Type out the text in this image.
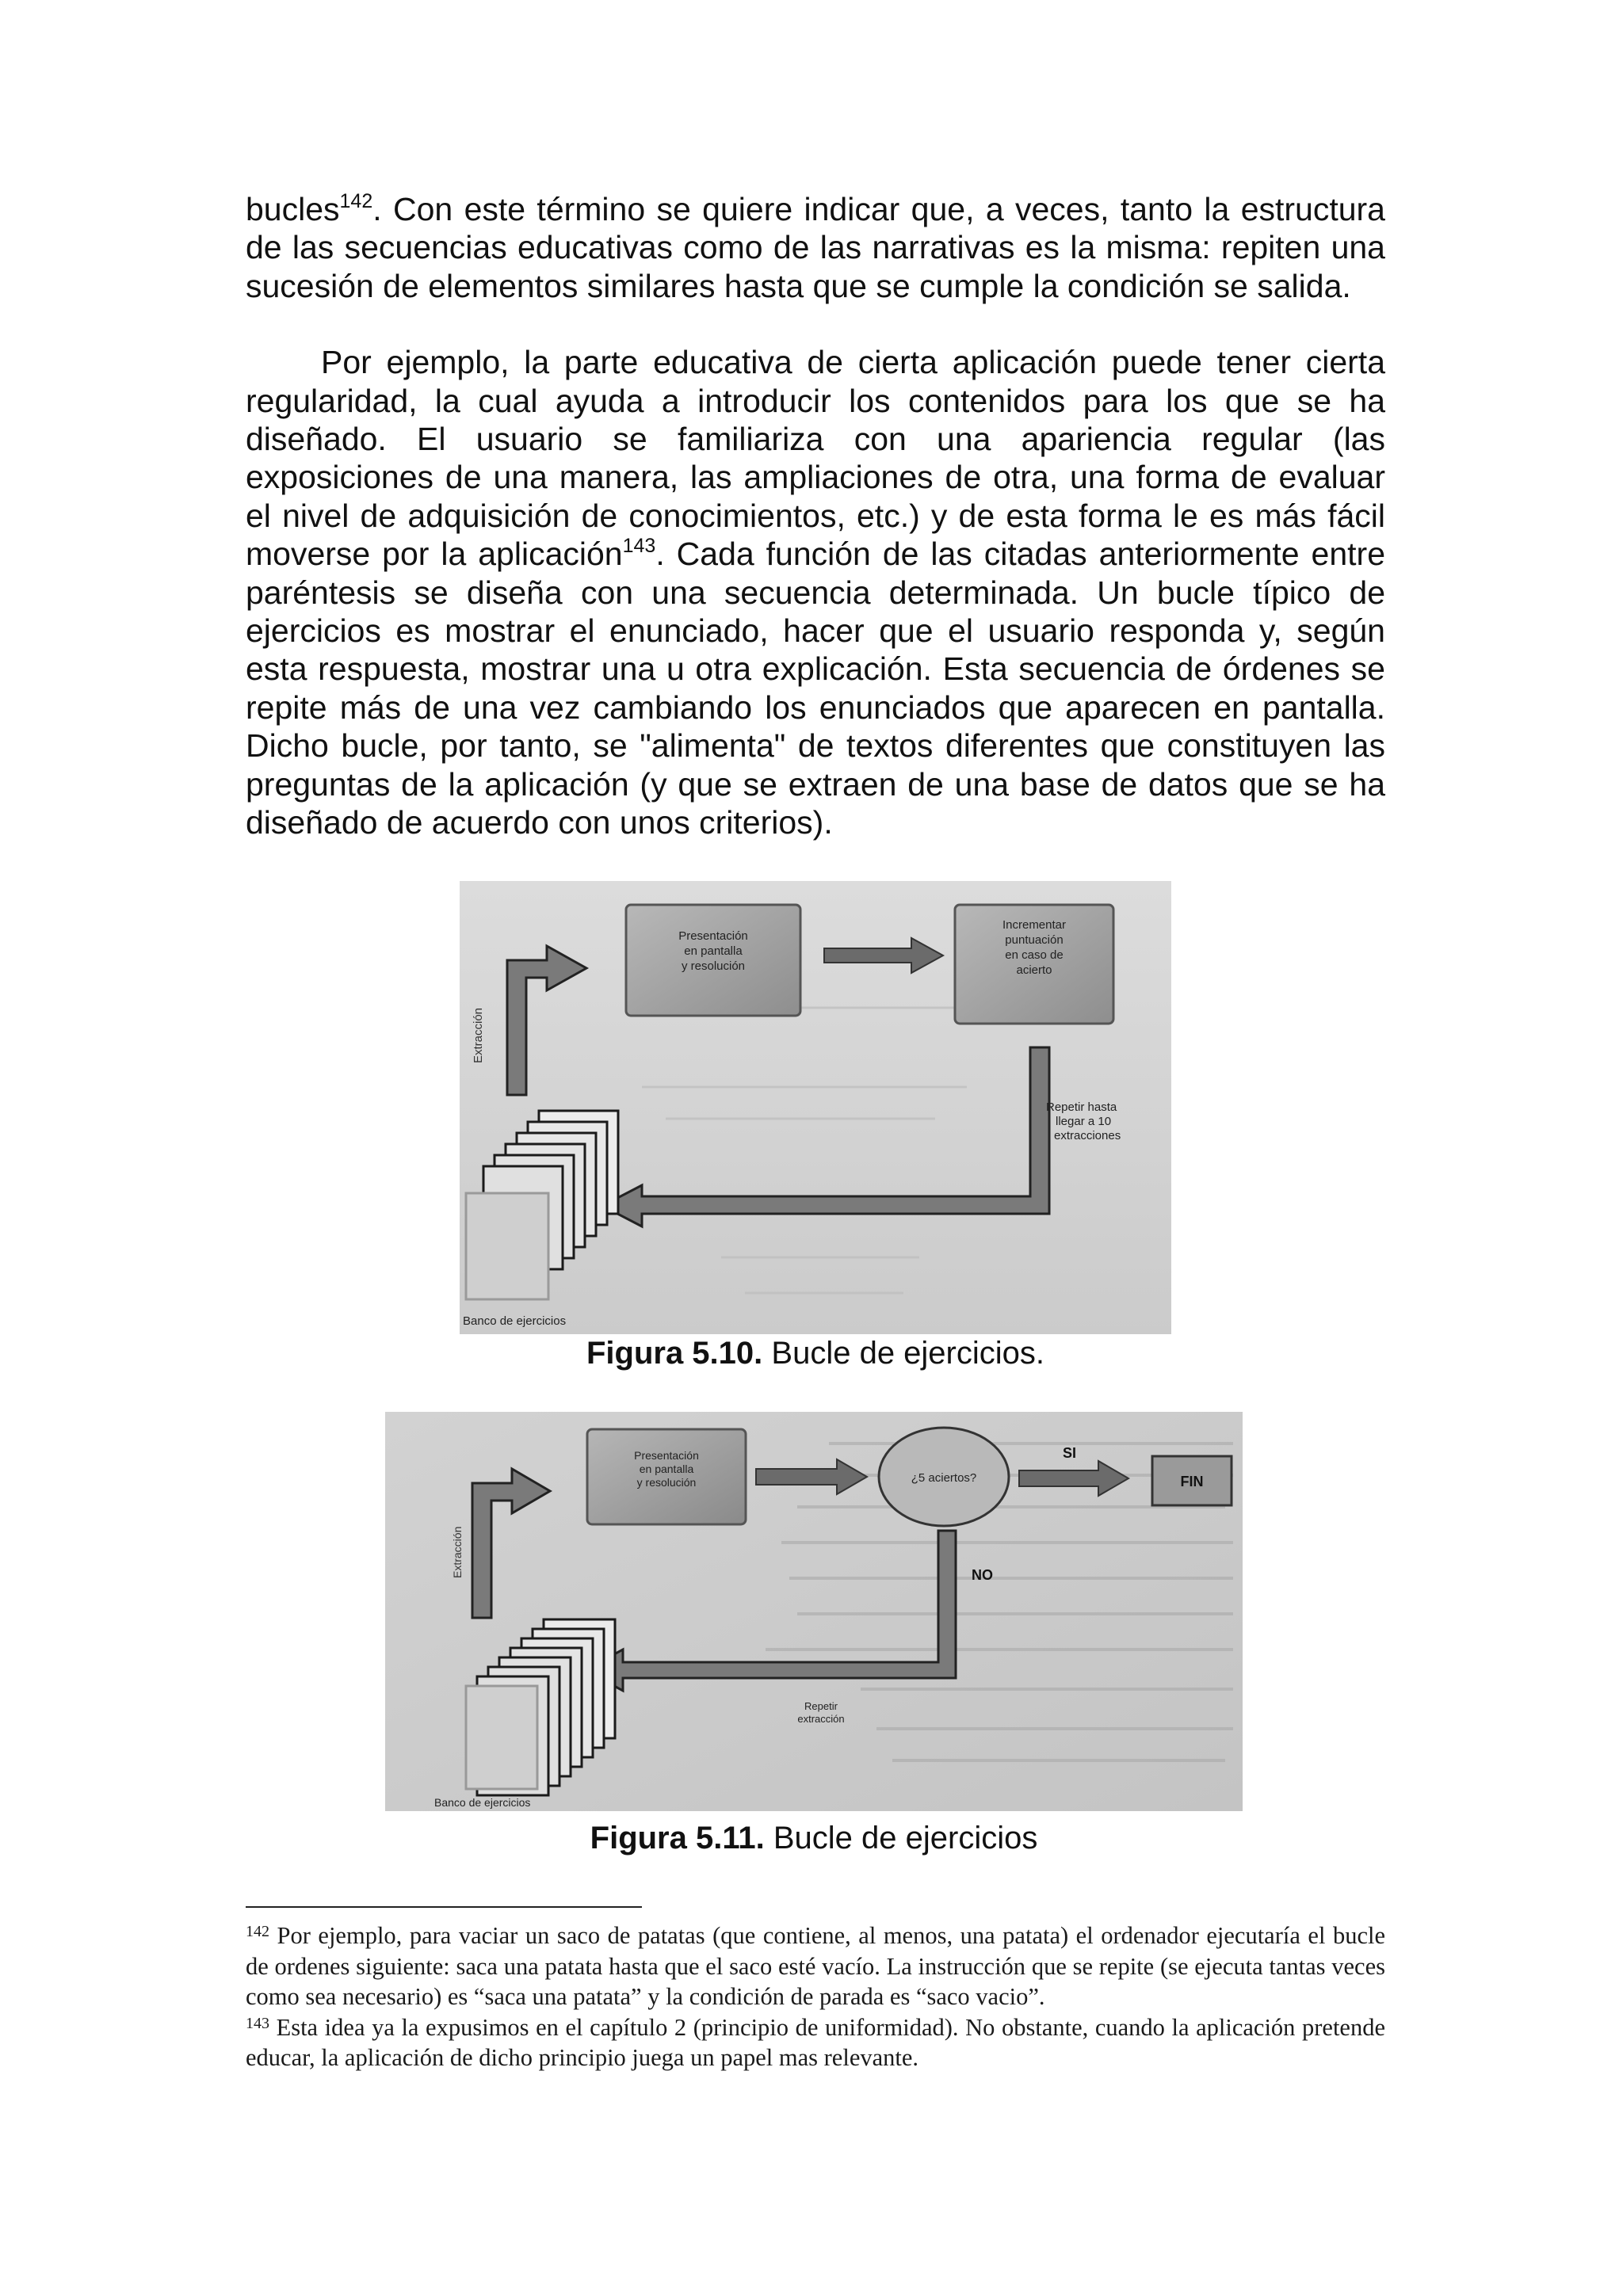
bucles$^{142}$. Con este término se quiere indicar que, a veces, tanto la estructura de las secuencias educativas como de las narrativas es la misma: repiten una sucesión de elementos similares hasta que se cumple la condición se salida.

Por ejemplo, la parte educativa de cierta aplicación puede tener cierta regularidad, la cual ayuda a introducir los contenidos para los que se ha diseñado. El usuario se familiariza con una apariencia regular (las exposiciones de una manera, las ampliaciones de otra, una forma de evaluar el nivel de adquisición de conocimientos, etc.) y de esta forma le es más fácil moverse por la aplicación$^{143}$. Cada función de las citadas anteriormente entre paréntesis se diseña con una secuencia determinada. Un bucle típico de ejercicios es mostrar el enunciado, hacer que el usuario responda y, según esta respuesta, mostrar una u otra explicación. Esta secuencia de órdenes se repite más de una vez cambiando los enunciados que aparecen en pantalla. Dicho bucle, por tanto, se "alimenta" de textos diferentes que constituyen las preguntas de la aplicación (y que se extraen de una base de datos que se ha diseñado de acuerdo con unos criterios).

Presentación
en pantalla
y resolución
Incrementar
puntuación
en caso de
acierto
Extracción
Repetir hasta
llegar a 10
extracciones
Banco de ejercicios
Figura 5.10. Bucle de ejercicios.
Presentación
en pantalla
y resolución	¿5 aciertos?
SI
FIN
NO
Repetir
extracción
Extracción
Banco de ejercicios
Figura 5.11. Bucle de ejercicios

$^{142}$ Por ejemplo, para vaciar un saco de patatas (que contiene, al menos, una patata) el ordenador ejecutaría el bucle de ordenes siguiente: saca una patata hasta que el saco esté vacío. La instrucción que se repite (se ejecuta tantas veces como sea necesario) es “saca una patata” y la condición de parada es “saco vacio”.

$^{143}$ Esta idea ya la expusimos en el capítulo 2 (principio de uniformidad). No obstante, cuando la aplicación pretende educar, la aplicación de dicho principio juega un papel mas relevante.
